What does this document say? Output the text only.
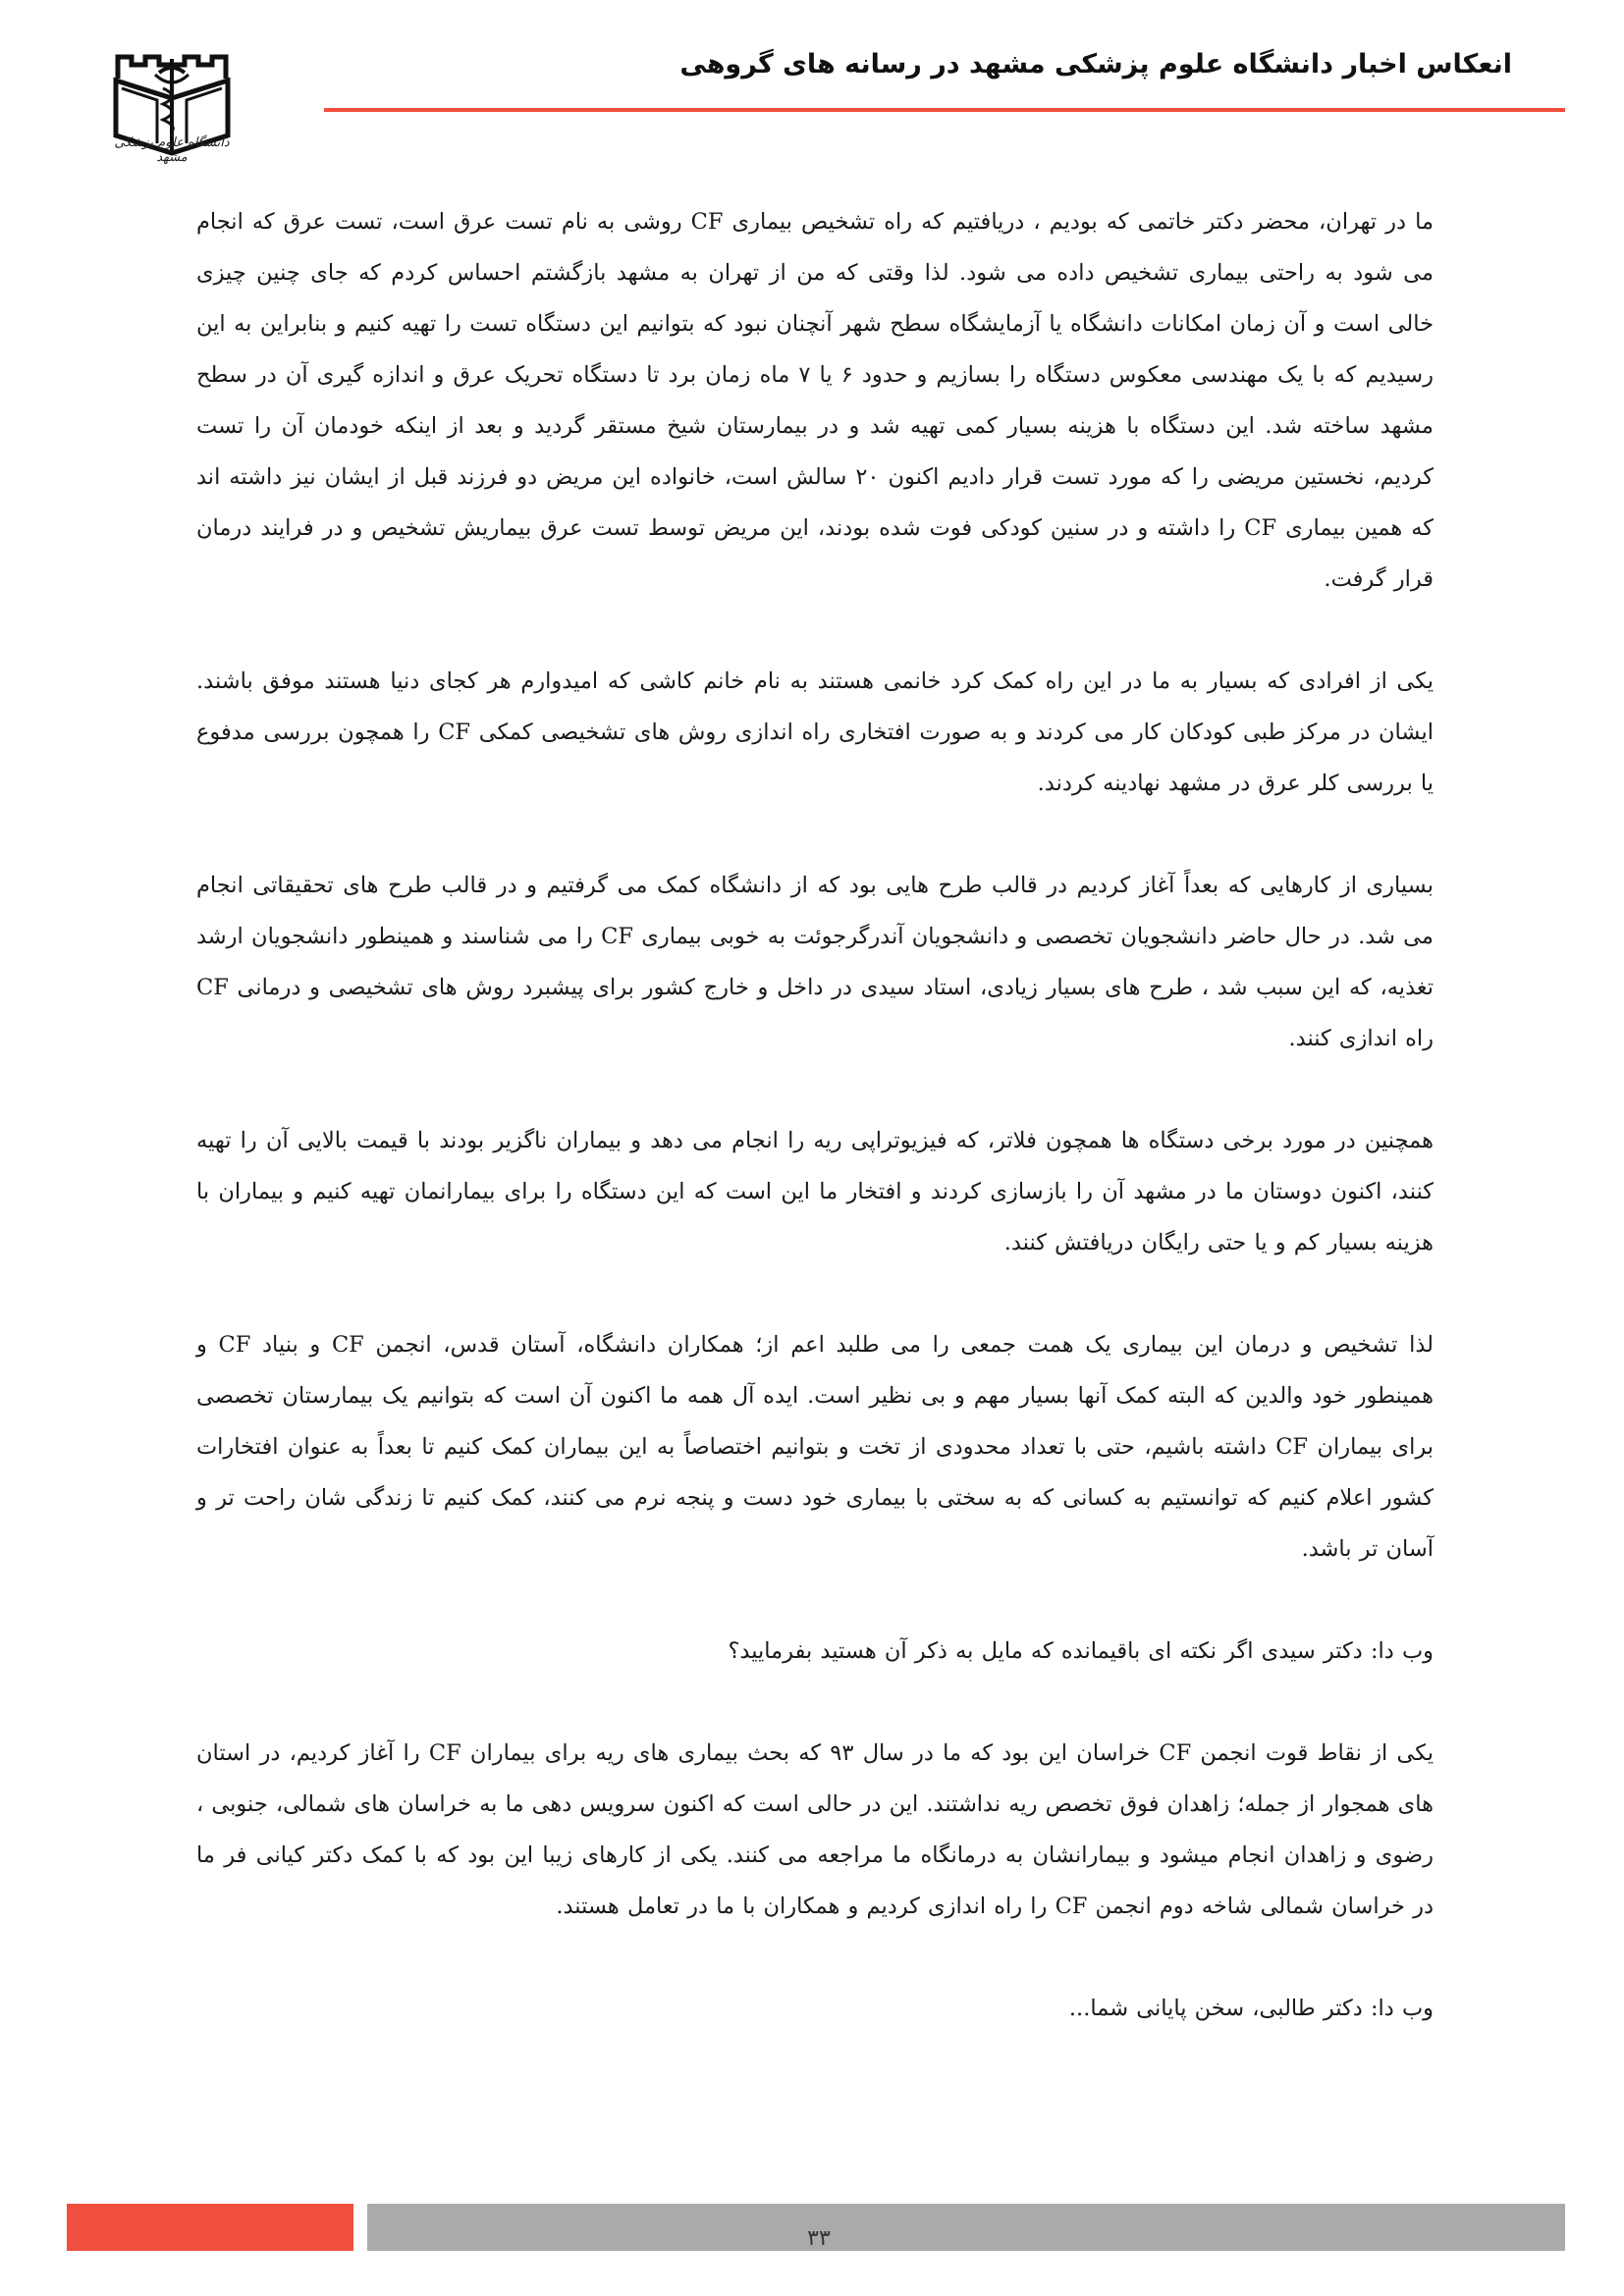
انعکاس اخبار دانشگاه علوم پزشکی مشهد در رسانه های گروهی
دانشگاه علوم پزشکی مشهد

ما در تهران، محضر دکتر خاتمی که بودیم ، دریافتیم که راه تشخیص بیماری CF روشی به نام تست عرق است، تست عرق که انجام می شود به راحتی بیماری تشخیص داده می شود. لذا وقتی که من از تهران به مشهد بازگشتم احساس کردم که جای چنین چیزی خالی است و آن زمان امکانات دانشگاه یا آزمایشگاه سطح شهر آنچنان نبود که بتوانیم این دستگاه تست را تهیه کنیم و بنابراین به این رسیدیم که با یک مهندسی معکوس دستگاه را بسازیم و حدود ۶ یا ۷ ماه زمان برد تا دستگاه تحریک عرق و اندازه گیری آن در سطح مشهد ساخته شد. این دستگاه با هزینه بسیار کمی تهیه شد و در بیمارستان شیخ مستقر گردید و بعد از اینکه خودمان آن را تست کردیم، نخستین مریضی را که مورد تست قرار دادیم اکنون ۲۰ سالش است، خانواده این مریض دو فرزند قبل از ایشان نیز داشته اند که همین بیماری CF را داشته و در سنین کودکی فوت شده بودند، این مریض توسط تست عرق بیماریش تشخیص و در فرایند درمان قرار گرفت.

یکی از افرادی که بسیار به ما در این راه کمک کرد خانمی هستند به نام خانم کاشی که امیدوارم هر کجای دنیا هستند موفق باشند. ایشان در مرکز طبی کودکان کار می کردند و به صورت افتخاری راه اندازی روش های تشخیصی کمکی CF را همچون بررسی مدفوع یا بررسی کلر عرق در مشهد نهادینه کردند.

بسیاری از کارهایی که بعداً آغاز کردیم در قالب طرح هایی بود که از دانشگاه کمک می گرفتیم و در قالب طرح های تحقیقاتی انجام می شد. در حال حاضر دانشجویان تخصصی و دانشجویان آندرگرجوئت به خوبی بیماری CF را می شناسند و همینطور دانشجویان ارشد تغذیه، که این سبب شد ، طرح های بسیار زیادی، استاد سیدی در داخل و خارج کشور برای پیشبرد روش های تشخیصی و درمانی CF راه اندازی کنند.

همچنین در مورد برخی دستگاه ها همچون فلاتر، که فیزیوتراپی ریه را انجام می دهد و بیماران ناگزیر بودند با قیمت بالایی آن را تهیه کنند، اکنون دوستان ما در مشهد آن را بازسازی کردند و افتخار ما این است که این دستگاه را برای بیمارانمان تهیه کنیم و بیماران با هزینه بسیار کم و یا حتی رایگان دریافتش کنند.

لذا تشخیص و درمان این بیماری یک همت جمعی را می طلبد اعم از؛ همکاران دانشگاه، آستان قدس، انجمن CF و بنیاد CF و همینطور خود والدین که البته کمک آنها بسیار مهم و بی نظیر است. ایده آل همه ما اکنون آن است که بتوانیم یک بیمارستان تخصصی برای بیماران CF داشته باشیم، حتی با تعداد محدودی از تخت و بتوانیم اختصاصاً به این بیماران کمک کنیم تا بعداً به عنوان افتخارات کشور اعلام کنیم که توانستیم به کسانی که به سختی با بیماری خود دست و پنجه نرم می کنند، کمک کنیم تا زندگی شان راحت تر و آسان تر باشد.

وب دا: دکتر سیدی اگر نکته ای باقیمانده که مایل به ذکر آن هستید بفرمایید؟

یکی از نقاط قوت انجمن CF خراسان این بود که ما در سال ۹۳ که بحث بیماری های ریه برای بیماران CF را آغاز کردیم، در استان های همجوار از جمله؛ زاهدان فوق تخصص ریه نداشتند. این در حالی است که اکنون سرویس دهی ما به خراسان های شمالی، جنوبی ، رضوی و زاهدان انجام میشود و بیمارانشان به درمانگاه ما مراجعه می کنند. یکی از کارهای زیبا این بود که با کمک دکتر کیانی فر ما در خراسان شمالی شاخه دوم انجمن CF را راه اندازی کردیم و همکاران با ما در تعامل هستند.

وب دا: دکتر طالبی، سخن پایانی شما...

۳۳
